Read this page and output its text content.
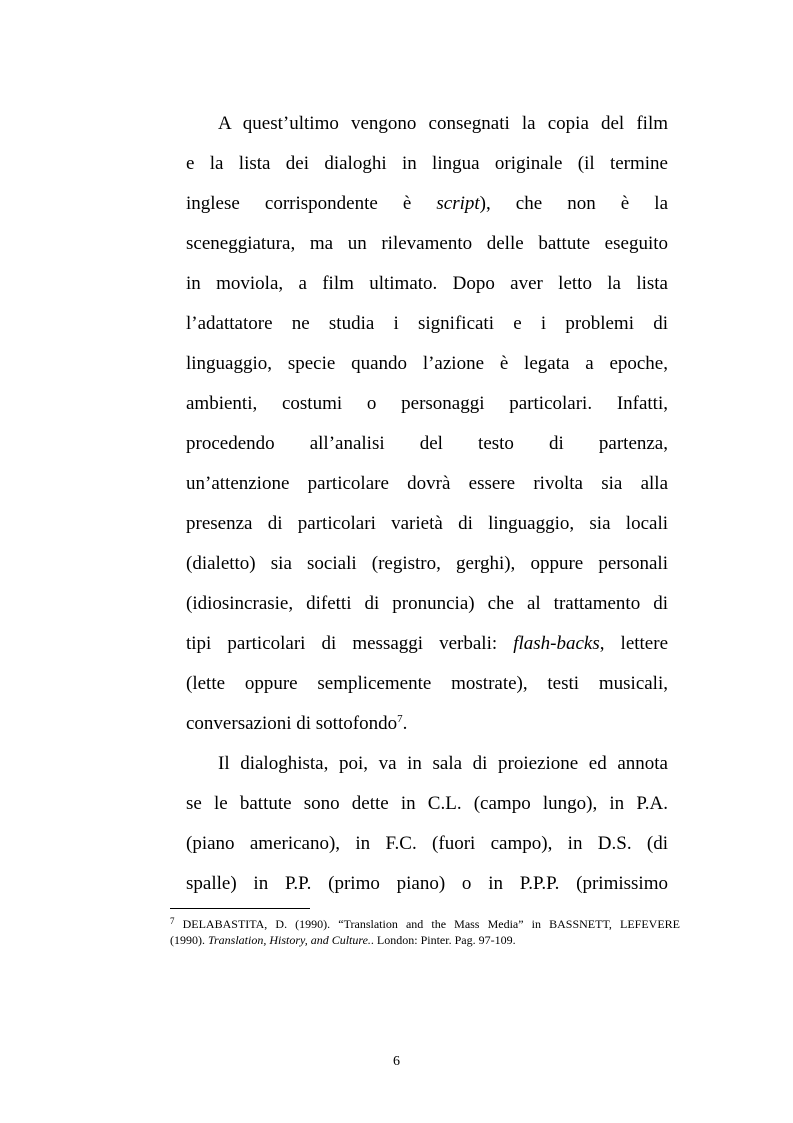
A quest’ultimo vengono consegnati la copia del film
e la lista dei dialoghi in lingua originale (il termine
inglese corrispondente è script), che non è la
sceneggiatura, ma un rilevamento delle battute eseguito
in moviola, a film ultimato. Dopo aver letto la lista
l’adattatore ne studia i significati e i problemi di
linguaggio, specie quando l’azione è legata a epoche,
ambienti, costumi o personaggi particolari. Infatti,
procedendo all’analisi del testo di partenza,
un’attenzione particolare dovrà essere rivolta sia alla
presenza di particolari varietà di linguaggio, sia locali
(dialetto) sia sociali (registro, gerghi), oppure personali
(idiosincrasie, difetti di pronuncia) che al trattamento di
tipi particolari di messaggi verbali: flash-backs, lettere
(lette oppure semplicemente mostrate), testi musicali,
conversazioni di sottofondo$^7$.
Il dialoghista, poi, va in sala di proiezione ed annota
se le battute sono dette in C.L. (campo lungo), in P.A.
(piano americano), in F.C. (fuori campo), in D.S. (di
spalle) in P.P. (primo piano) o in P.P.P. (primissimo
$^7$ DELABASTITA, D. (1990). “Translation and the Mass Media” in BASSNETT, LEFEVERE
(1990). Translation, History, and Culture.. London: Pinter. Pag. 97-109.
6
